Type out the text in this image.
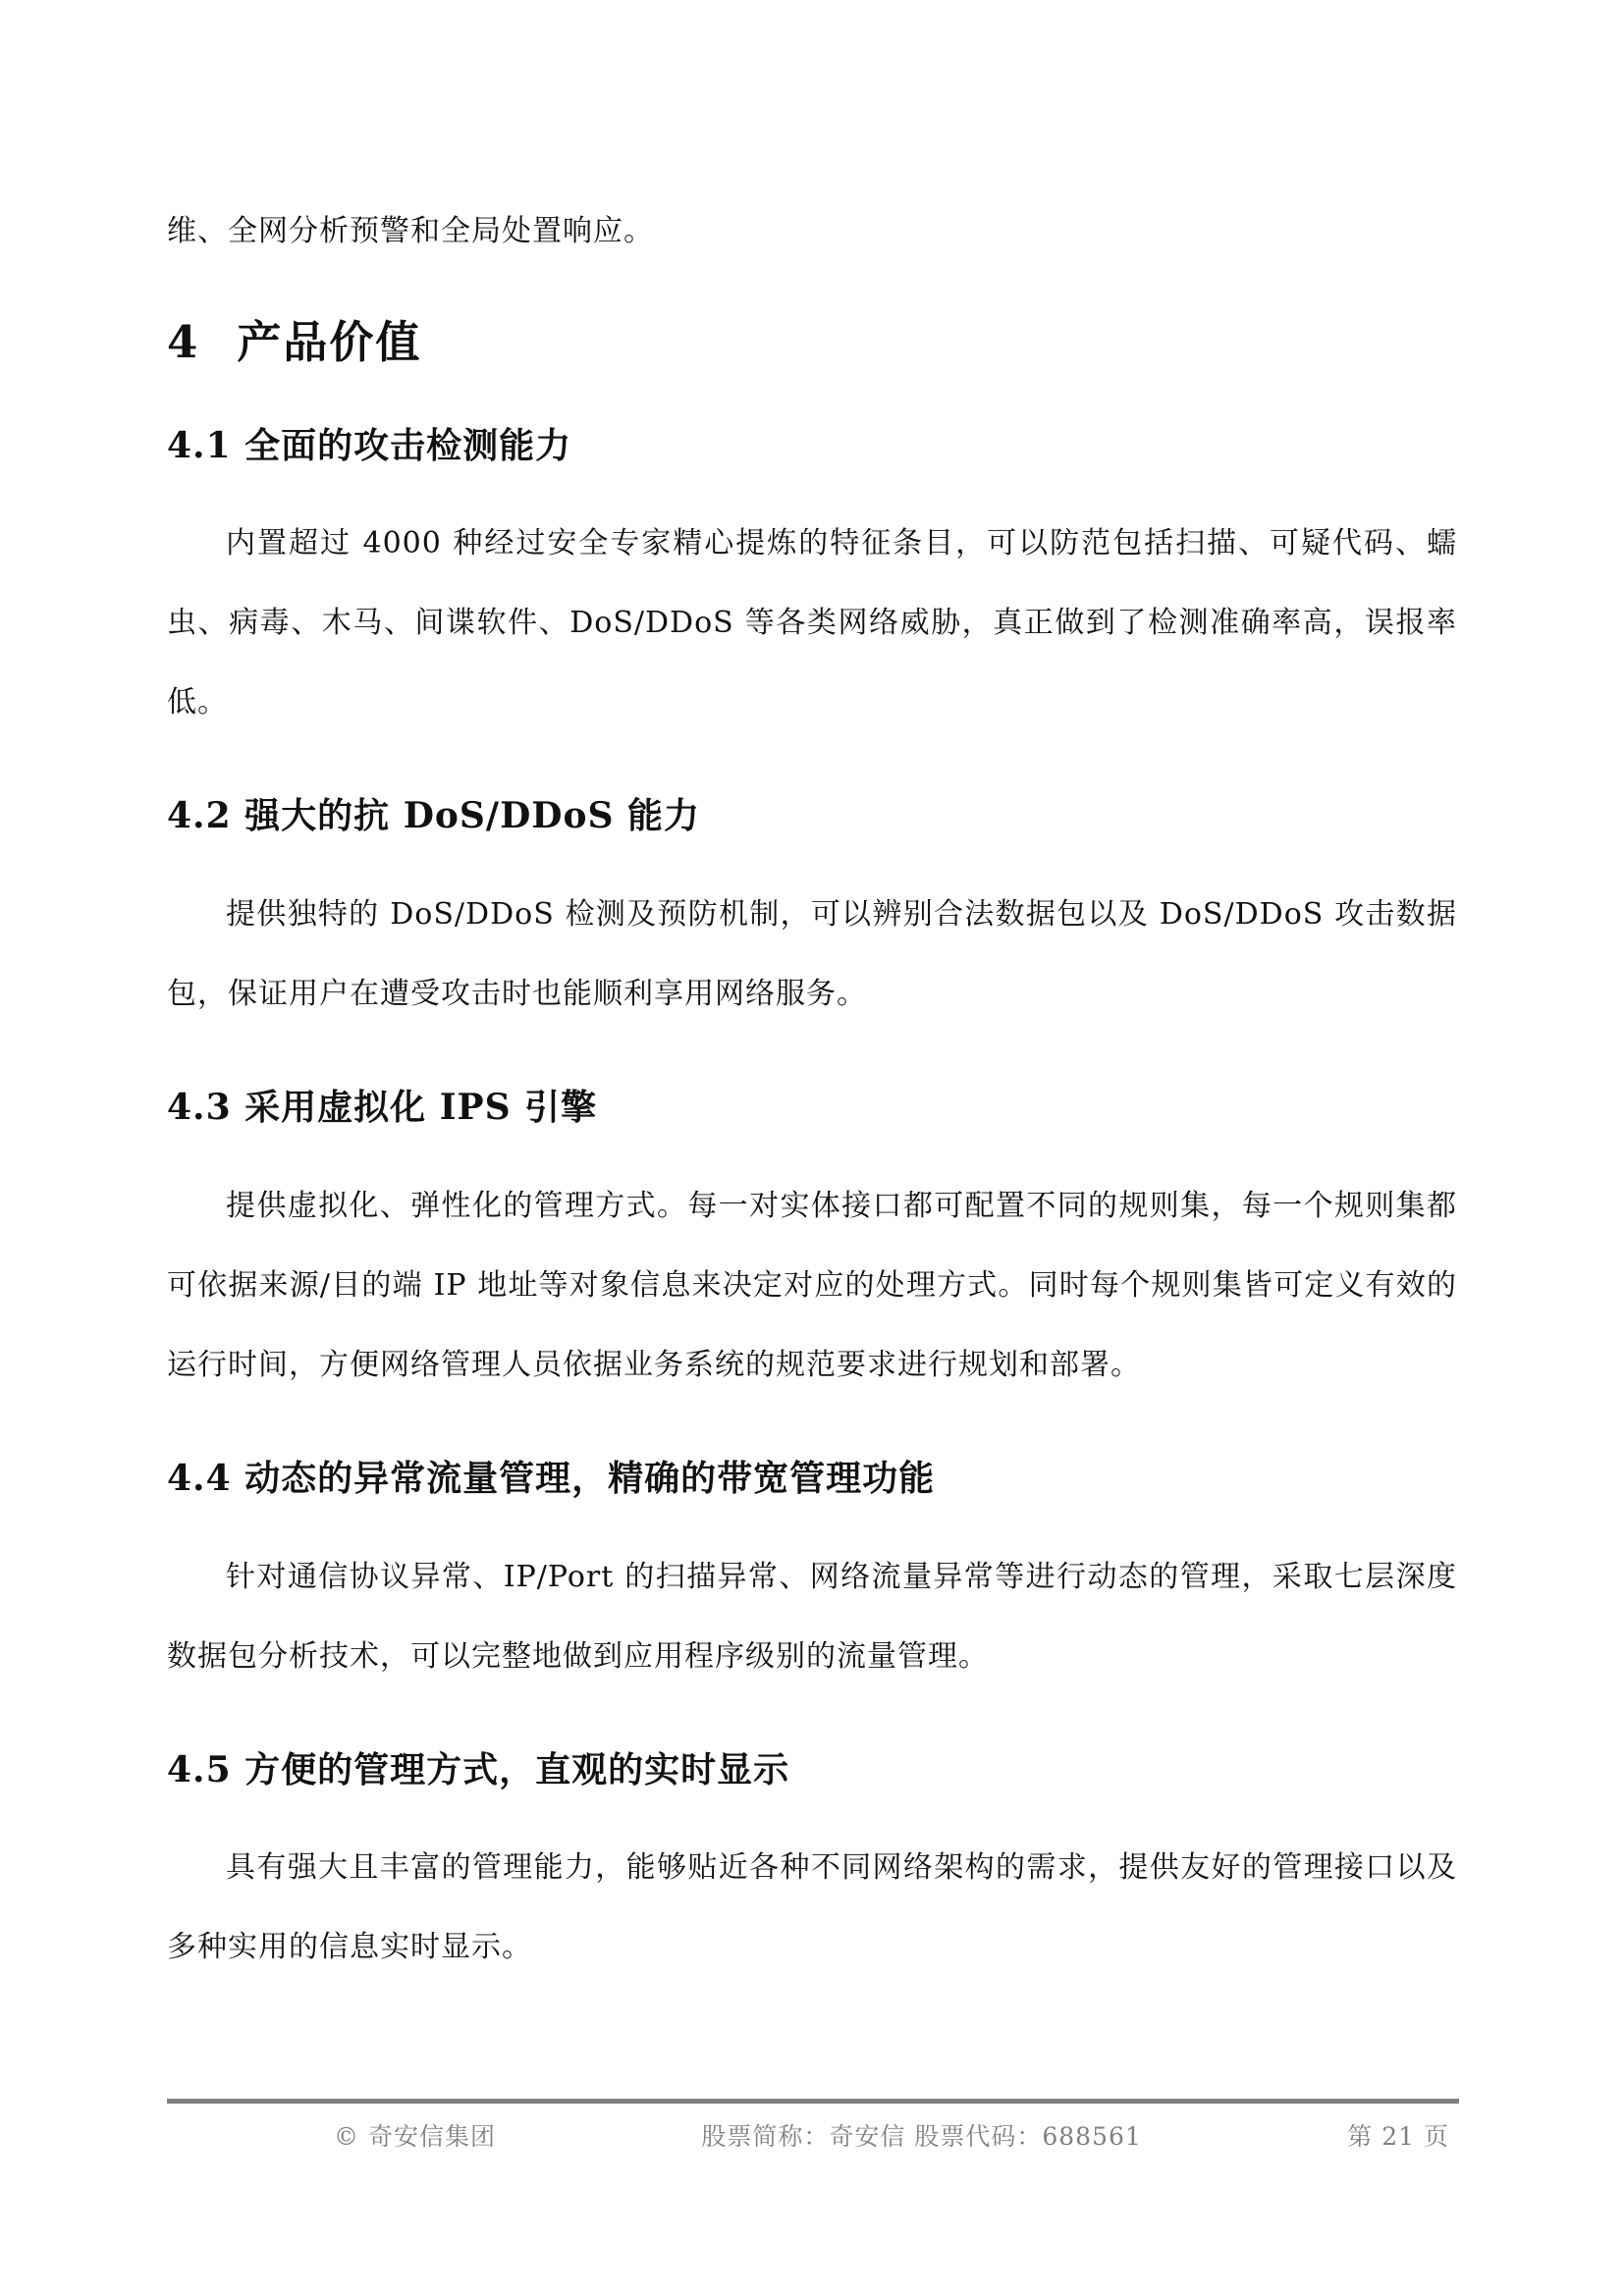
维、全网分析预警和全局处置响应。

4 产品价值
4.1 全面的攻击检测能力

内置超过 4000 种经过安全专家精心提炼的特征条目，可以防范包括扫描、可疑代码、蠕虫、病毒、木马、间谍软件、DoS/DDoS 等各类网络威胁，真正做到了检测准确率高，误报率低。

4.2 强大的抗 DoS/DDoS 能力

提供独特的 DoS/DDoS 检测及预防机制，可以辨别合法数据包以及 DoS/DDoS 攻击数据包，保证用户在遭受攻击时也能顺利享用网络服务。

4.3 采用虚拟化 IPS 引擎

提供虚拟化、弹性化的管理方式。每一对实体接口都可配置不同的规则集，每一个规则集都可依据来源/目的端 IP 地址等对象信息来决定对应的处理方式。同时每个规则集皆可定义有效的运行时间，方便网络管理人员依据业务系统的规范要求进行规划和部署。

4.4 动态的异常流量管理，精确的带宽管理功能

针对通信协议异常、IP/Port 的扫描异常、网络流量异常等进行动态的管理，采取七层深度数据包分析技术，可以完整地做到应用程序级别的流量管理。

4.5 方便的管理方式，直观的实时显示

具有强大且丰富的管理能力，能够贴近各种不同网络架构的需求，提供友好的管理接口以及多种实用的信息实时显示。

© 奇安信集团	股票简称：奇安信 股票代码：688561	第 21 页
